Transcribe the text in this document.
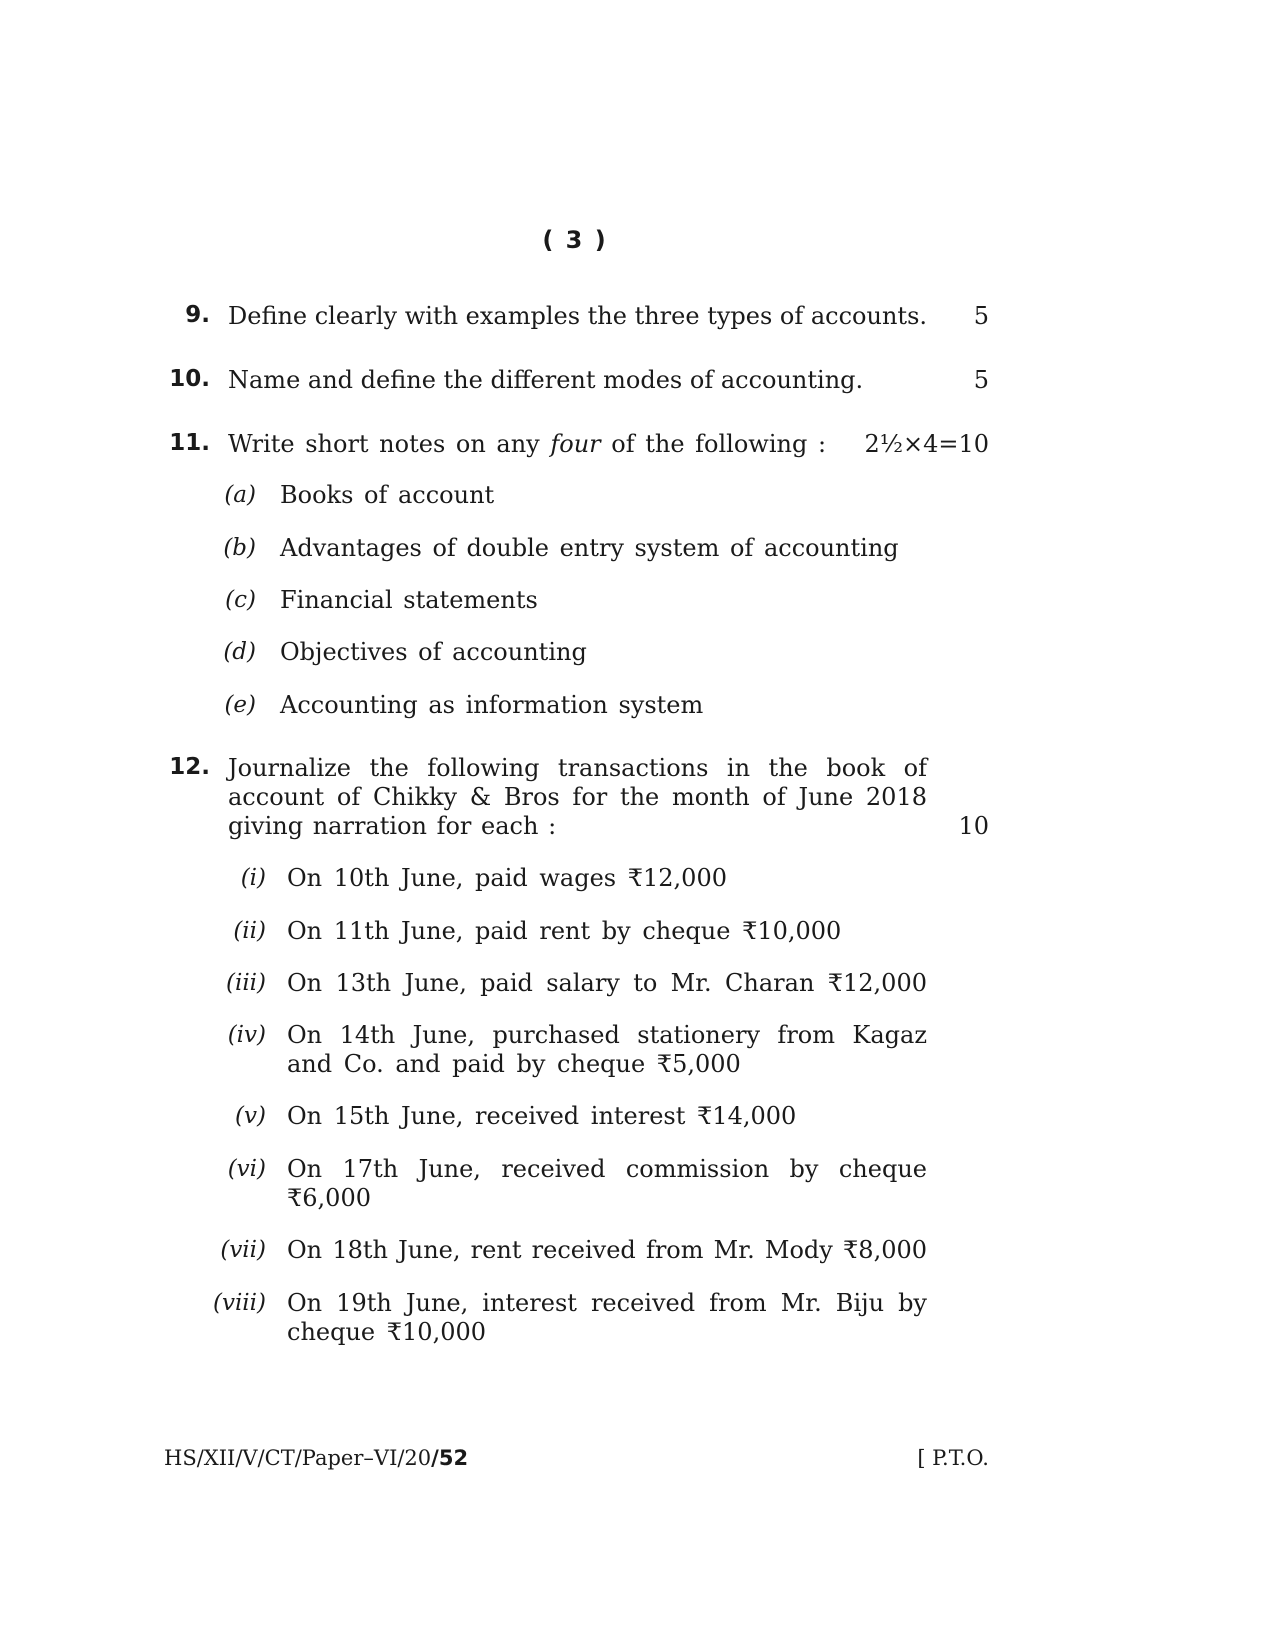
( 3 )
9. Define clearly with examples the three types of accounts. 5
10. Name and define the different modes of accounting.	5
11. Write short notes on any four of the following : 2½×4=10
(a) Books of account
(b) Advantages of double entry system of accounting
(c) Financial statements
(d) Objectives of accounting
(e) Accounting as information system
12. Journalize the following transactions in the book of
account of Chikky & Bros for the month of June 2018
giving narration for each :	10
(i) On 10th June, paid wages ₹12,000
(ii) On 11th June, paid rent by cheque ₹10,000
(iii) On 13th June, paid salary to Mr. Charan ₹12,000
(iv) On 14th June, purchased stationery from Kagaz
and Co. and paid by cheque ₹5,000
(v) On 15th June, received interest ₹14,000
(vi) On 17th June, received commission by cheque
₹6,000
(vii) On 18th June, rent received from Mr. Mody ₹8,000
(viii) On 19th June, interest received from Mr. Biju by
cheque ₹10,000
HS/XII/V/CT/Paper–VI/20/52	[ P.T.O.
